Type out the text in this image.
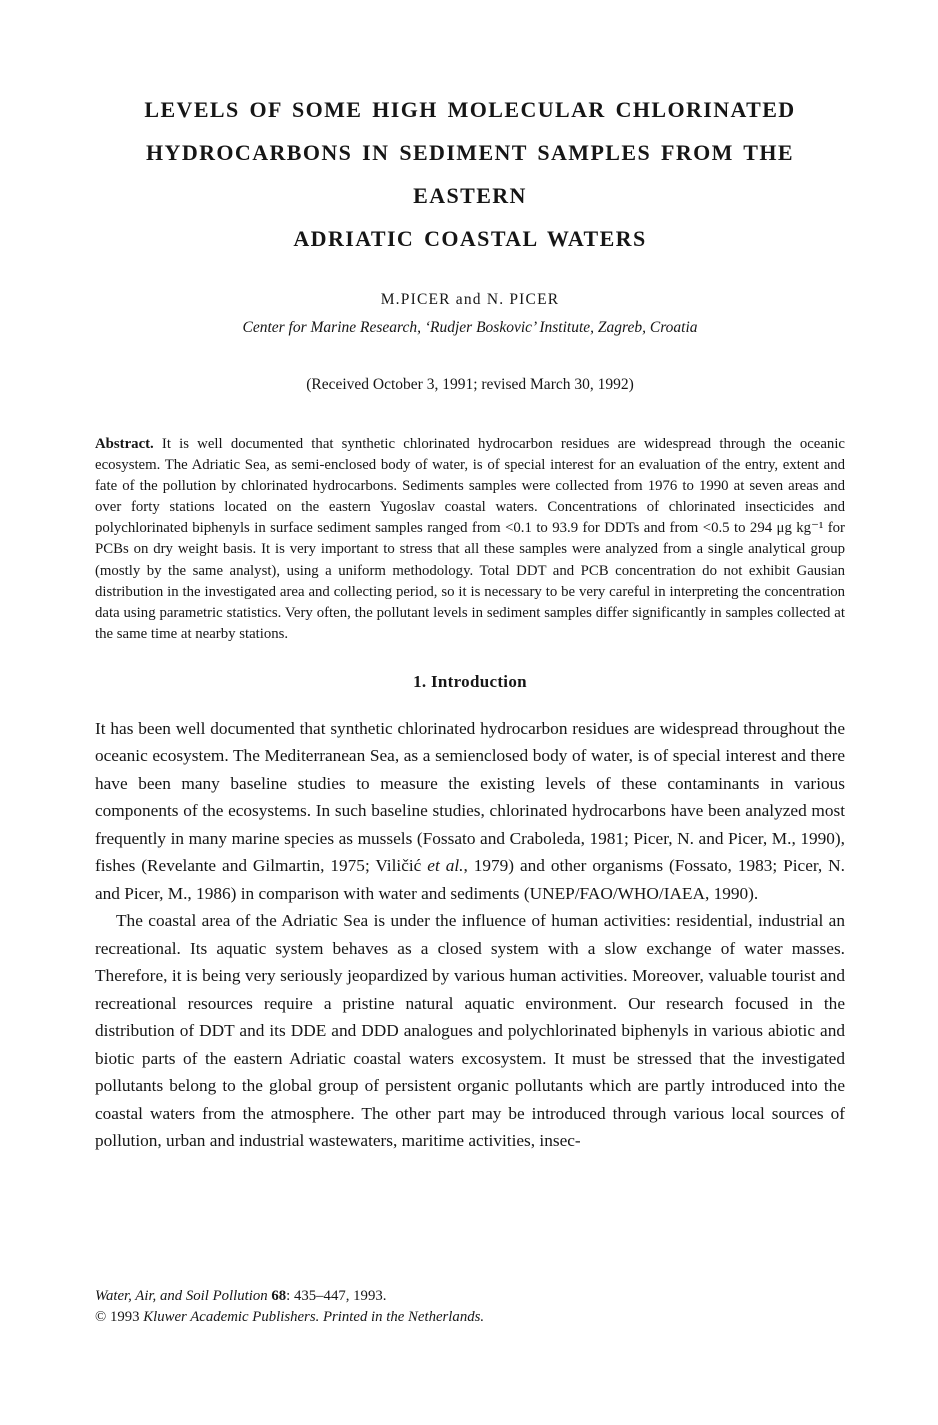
LEVELS OF SOME HIGH MOLECULAR CHLORINATED
HYDROCARBONS IN SEDIMENT SAMPLES FROM THE EASTERN
ADRIATIC COASTAL WATERS
M.PICER and N. PICER
Center for Marine Research, ‘Rudjer Boskovic’ Institute, Zagreb, Croatia
(Received October 3, 1991; revised March 30, 1992)

Abstract. It is well documented that synthetic chlorinated hydrocarbon residues are widespread through the oceanic ecosystem. The Adriatic Sea, as semi-enclosed body of water, is of special interest for an evaluation of the entry, extent and fate of the pollution by chlorinated hydrocarbons. Sediments samples were collected from 1976 to 1990 at seven areas and over forty stations located on the eastern Yugoslav coastal waters. Concentrations of chlorinated insecticides and polychlorinated biphenyls in surface sediment samples ranged from <0.1 to 93.9 for DDTs and from <0.5 to 294 μg kg⁻¹ for PCBs on dry weight basis. It is very important to stress that all these samples were analyzed from a single analytical group (mostly by the same analyst), using a uniform methodology. Total DDT and PCB concentration do not exhibit Gausian distribution in the investigated area and collecting period, so it is necessary to be very careful in interpreting the concentration data using parametric statistics. Very often, the pollutant levels in sediment samples differ significantly in samples collected at the same time at nearby stations.

1. Introduction

It has been well documented that synthetic chlorinated hydrocarbon residues are widespread throughout the oceanic ecosystem. The Mediterranean Sea, as a semienclosed body of water, is of special interest and there have been many baseline studies to measure the existing levels of these contaminants in various components of the ecosystems. In such baseline studies, chlorinated hydrocarbons have been analyzed most frequently in many marine species as mussels (Fossato and Craboleda, 1981; Picer, N. and Picer, M., 1990), fishes (Revelante and Gilmartin, 1975; Viličić et al., 1979) and other organisms (Fossato, 1983; Picer, N. and Picer, M., 1986) in comparison with water and sediments (UNEP/FAO/WHO/IAEA, 1990).

The coastal area of the Adriatic Sea is under the influence of human activities: residential, industrial an recreational. Its aquatic system behaves as a closed system with a slow exchange of water masses. Therefore, it is being very seriously jeopardized by various human activities. Moreover, valuable tourist and recreational resources require a pristine natural aquatic environment. Our research focused in the distribution of DDT and its DDE and DDD analogues and polychlorinated biphenyls in various abiotic and biotic parts of the eastern Adriatic coastal waters excosystem. It must be stressed that the investigated pollutants belong to the global group of persistent organic pollutants which are partly introduced into the coastal waters from the atmosphere. The other part may be introduced through various local sources of pollution, urban and industrial wastewaters, maritime activities, insec-

Water, Air, and Soil Pollution 68: 435–447, 1993.
© 1993 Kluwer Academic Publishers. Printed in the Netherlands.
